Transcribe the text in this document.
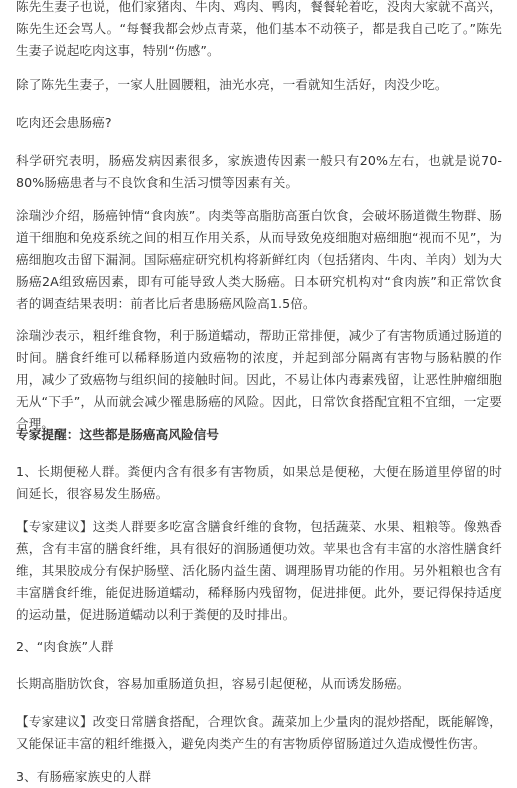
陈先生妻子也说，他们家猪肉、牛肉、鸡肉、鸭肉，餐餐轮着吃，没肉大家就不高兴，陈先生还会骂人。“每餐我都会炒点青菜，他们基本不动筷子，都是我自己吃了。”陈先生妻子说起吃肉这事，特别“伤感”。

除了陈先生妻子，一家人肚圆腰粗，油光水亮，一看就知生活好，肉没少吃。

吃肉还会患肠癌?

科学研究表明，肠癌发病因素很多，家族遗传因素一般只有20%左右，也就是说70-80%肠癌患者与不良饮食和生活习惯等因素有关。

涂瑞沙介绍，肠癌钟情“食肉族”。肉类等高脂肪高蛋白饮食，会破坏肠道微生物群、肠道干细胞和免疫系统之间的相互作用关系，从而导致免疫细胞对癌细胞“视而不见”，为癌细胞攻击留下漏洞。国际癌症研究机构将新鲜红肉（包括猪肉、牛肉、羊肉）划为大肠癌2A组致癌因素，即有可能导致人类大肠癌。日本研究机构对“食肉族”和正常饮食者的调查结果表明：前者比后者患肠癌风险高1.5倍。

涂瑞沙表示，粗纤维食物，利于肠道蠕动，帮助正常排便，减少了有害物质通过肠道的时间。膳食纤维可以稀释肠道内致癌物的浓度，并起到部分隔离有害物与肠粘膜的作用，减少了致癌物与组织间的接触时间。因此，不易让体内毒素残留，让恶性肿瘤细胞无从“下手”，从而就会减少罹患肠癌的风险。因此，日常饮食搭配宜粗不宜细，一定要合理。

专家提醒：这些都是肠癌高风险信号

1、长期便秘人群。粪便内含有很多有害物质，如果总是便秘，大便在肠道里停留的时间延长，很容易发生肠癌。

【专家建议】这类人群要多吃富含膳食纤维的食物，包括蔬菜、水果、粗粮等。像熟香蕉，含有丰富的膳食纤维，具有很好的润肠通便功效。苹果也含有丰富的水溶性膳食纤维，其果胶成分有保护肠壁、活化肠内益生菌、调理肠胃功能的作用。另外粗粮也含有丰富膳食纤维，能促进肠道蠕动，稀释肠内残留物，促进排便。此外，要记得保持适度的运动量，促进肠道蠕动以利于粪便的及时排出。

2、“肉食族”人群

长期高脂肪饮食，容易加重肠道负担，容易引起便秘，从而诱发肠癌。

【专家建议】改变日常膳食搭配，合理饮食。蔬菜加上少量肉的混炒搭配，既能解馋，又能保证丰富的粗纤维摄入，避免肉类产生的有害物质停留肠道过久造成慢性伤害。

3、有肠癌家族史的人群
